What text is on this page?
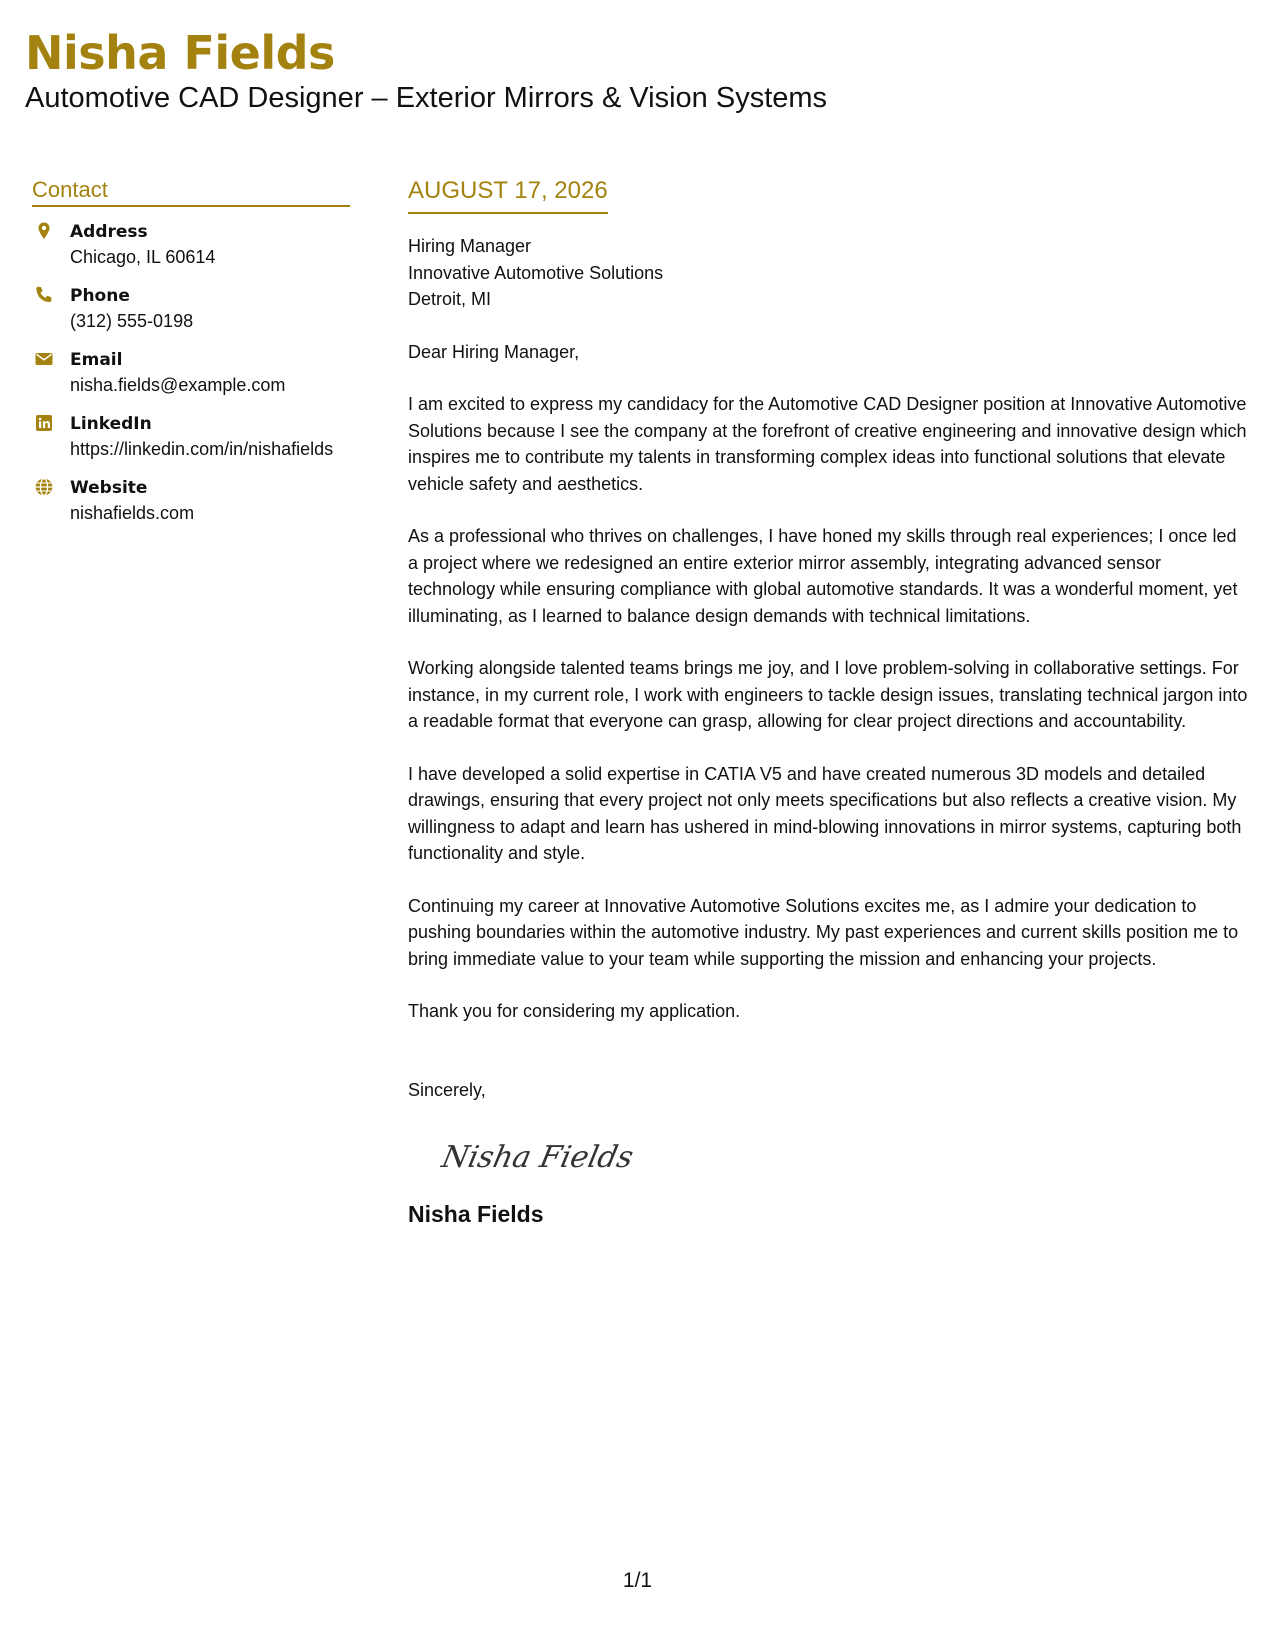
Nisha Fields
Automotive CAD Designer – Exterior Mirrors & Vision Systems
Contact
Address
Chicago, IL 60614
Phone
(312) 555-0198
Email
nisha.fields@example.com
LinkedIn
https://linkedin.com/in/nishafields
Website
nishafields.com
AUGUST 17, 2026
Hiring Manager
Innovative Automotive Solutions
Detroit, MI

Dear Hiring Manager,

I am excited to express my candidacy for the Automotive CAD Designer position at Innovative Automotive Solutions because I see the company at the forefront of creative engineering and innovative design which inspires me to contribute my talents in transforming complex ideas into functional solutions that elevate vehicle safety and aesthetics.

As a professional who thrives on challenges, I have honed my skills through real experiences; I once led a project where we redesigned an entire exterior mirror assembly, integrating advanced sensor technology while ensuring compliance with global automotive standards. It was a wonderful moment, yet illuminating, as I learned to balance design demands with technical limitations.

Working alongside talented teams brings me joy, and I love problem-solving in collaborative settings. For instance, in my current role, I work with engineers to tackle design issues, translating technical jargon into a readable format that everyone can grasp, allowing for clear project directions and accountability.

I have developed a solid expertise in CATIA V5 and have created numerous 3D models and detailed drawings, ensuring that every project not only meets specifications but also reflects a creative vision. My willingness to adapt and learn has ushered in mind-blowing innovations in mirror systems, capturing both functionality and style.

Continuing my career at Innovative Automotive Solutions excites me, as I admire your dedication to pushing boundaries within the automotive industry. My past experiences and current skills position me to bring immediate value to your team while supporting the mission and enhancing your projects.

Thank you for considering my application.

Sincerely,

Nisha Fields
Nisha Fields
1/1
